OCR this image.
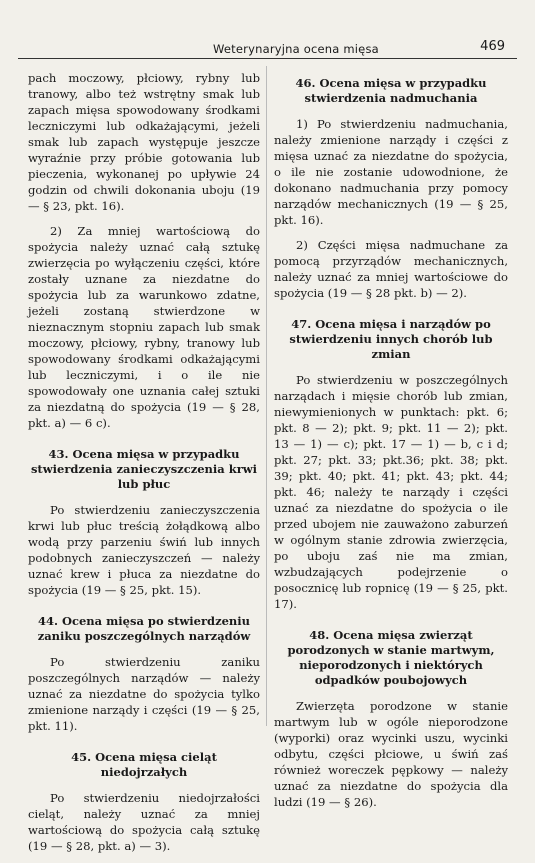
Weterynaryjna ocena mięsa	469

pach moczowy, płciowy, rybny lub tranowy, albo też wstrętny smak lub zapach mięsa spowodowany środkami leczniczymi lub odkażającymi, jeżeli smak lub zapach występuje jeszcze wyraźnie przy próbie gotowania lub pieczenia, wykonanej po upływie 24 godzin od chwili dokonania uboju (19 — § 23, pkt. 16).

2) Za mniej wartościową do spożycia należy uznać całą sztukę zwierzęcia po wyłączeniu części, które zostały uznane za niezdatne do spożycia lub za warunkowo zdatne, jeżeli zostaną stwierdzone w nieznacznym stopniu zapach lub smak moczowy, płciowy, rybny, tranowy lub spowodowany środkami odkażającymi lub leczniczymi, i o ile nie spowodowały one uznania całej sztuki za niezdatną do spożycia (19 — § 28, pkt. a) — 6 c).

43. Ocena mięsa w przypadku stwierdzenia zanieczyszczenia krwi lub płuc

Po stwierdzeniu zanieczyszczenia krwi lub płuc treścią żołądkową albo wodą przy parzeniu świń lub innych podobnych zanieczyszczeń — należy uznać krew i płuca za niezdatne do spożycia (19 — § 25, pkt. 15).

44. Ocena mięsa po stwierdzeniu zaniku poszczególnych narządów

Po stwierdzeniu zaniku poszczególnych narządów — należy uznać za niezdatne do spożycia tylko zmienione narządy i części (19 — § 25, pkt. 11).

45. Ocena mięsa cieląt niedojrzałych

Po stwierdzeniu niedojrzałości cieląt, należy uznać za mniej wartościową do spożycia całą sztukę (19 — § 28, pkt. a) — 3).

46. Ocena mięsa w przypadku stwierdzenia nadmuchania

1) Po stwierdzeniu nadmuchania, należy zmienione narządy i części z mięsa uznać za niezdatne do spożycia, o ile nie zostanie udowodnione, że dokonano nadmuchania przy pomocy narządów mechanicznych (19 — § 25, pkt. 16).

2) Części mięsa nadmuchane za pomocą przyrządów mechanicznych, należy uznać za mniej wartościowe do spożycia (19 — § 28 pkt. b) — 2).

47. Ocena mięsa i narządów po stwierdzeniu innych chorób lub zmian

Po stwierdzeniu w poszczególnych narządach i mięsie chorób lub zmian, niewymienionych w punktach: pkt. 6; pkt. 8 — 2); pkt. 9; pkt. 11 — 2); pkt. 13 — 1) — c); pkt. 17 — 1) — b, c i d; pkt. 27; pkt. 33; pkt.36; pkt. 38; pkt. 39; pkt. 40; pkt. 41; pkt. 43; pkt. 44; pkt. 46; należy te narządy i części uznać za niezdatne do spożycia o ile przed ubojem nie zauważono zaburzeń w ogólnym stanie zdrowia zwierzęcia, po uboju zaś nie ma zmian, wzbudzających podejrzenie o posocznicę lub ropnicę (19 — § 25, pkt. 17).

48. Ocena mięsa zwierząt porodzonych w stanie martwym, nieporodzonych i niektórych odpadków poubojowych

Zwierzęta porodzone w stanie martwym lub w ogóle nieporodzone (wyporki) oraz wycinki uszu, wycinki odbytu, części płciowe, u świń zaś również woreczek pępkowy — należy uznać za niezdatne do spożycia dla ludzi (19 — § 26).
